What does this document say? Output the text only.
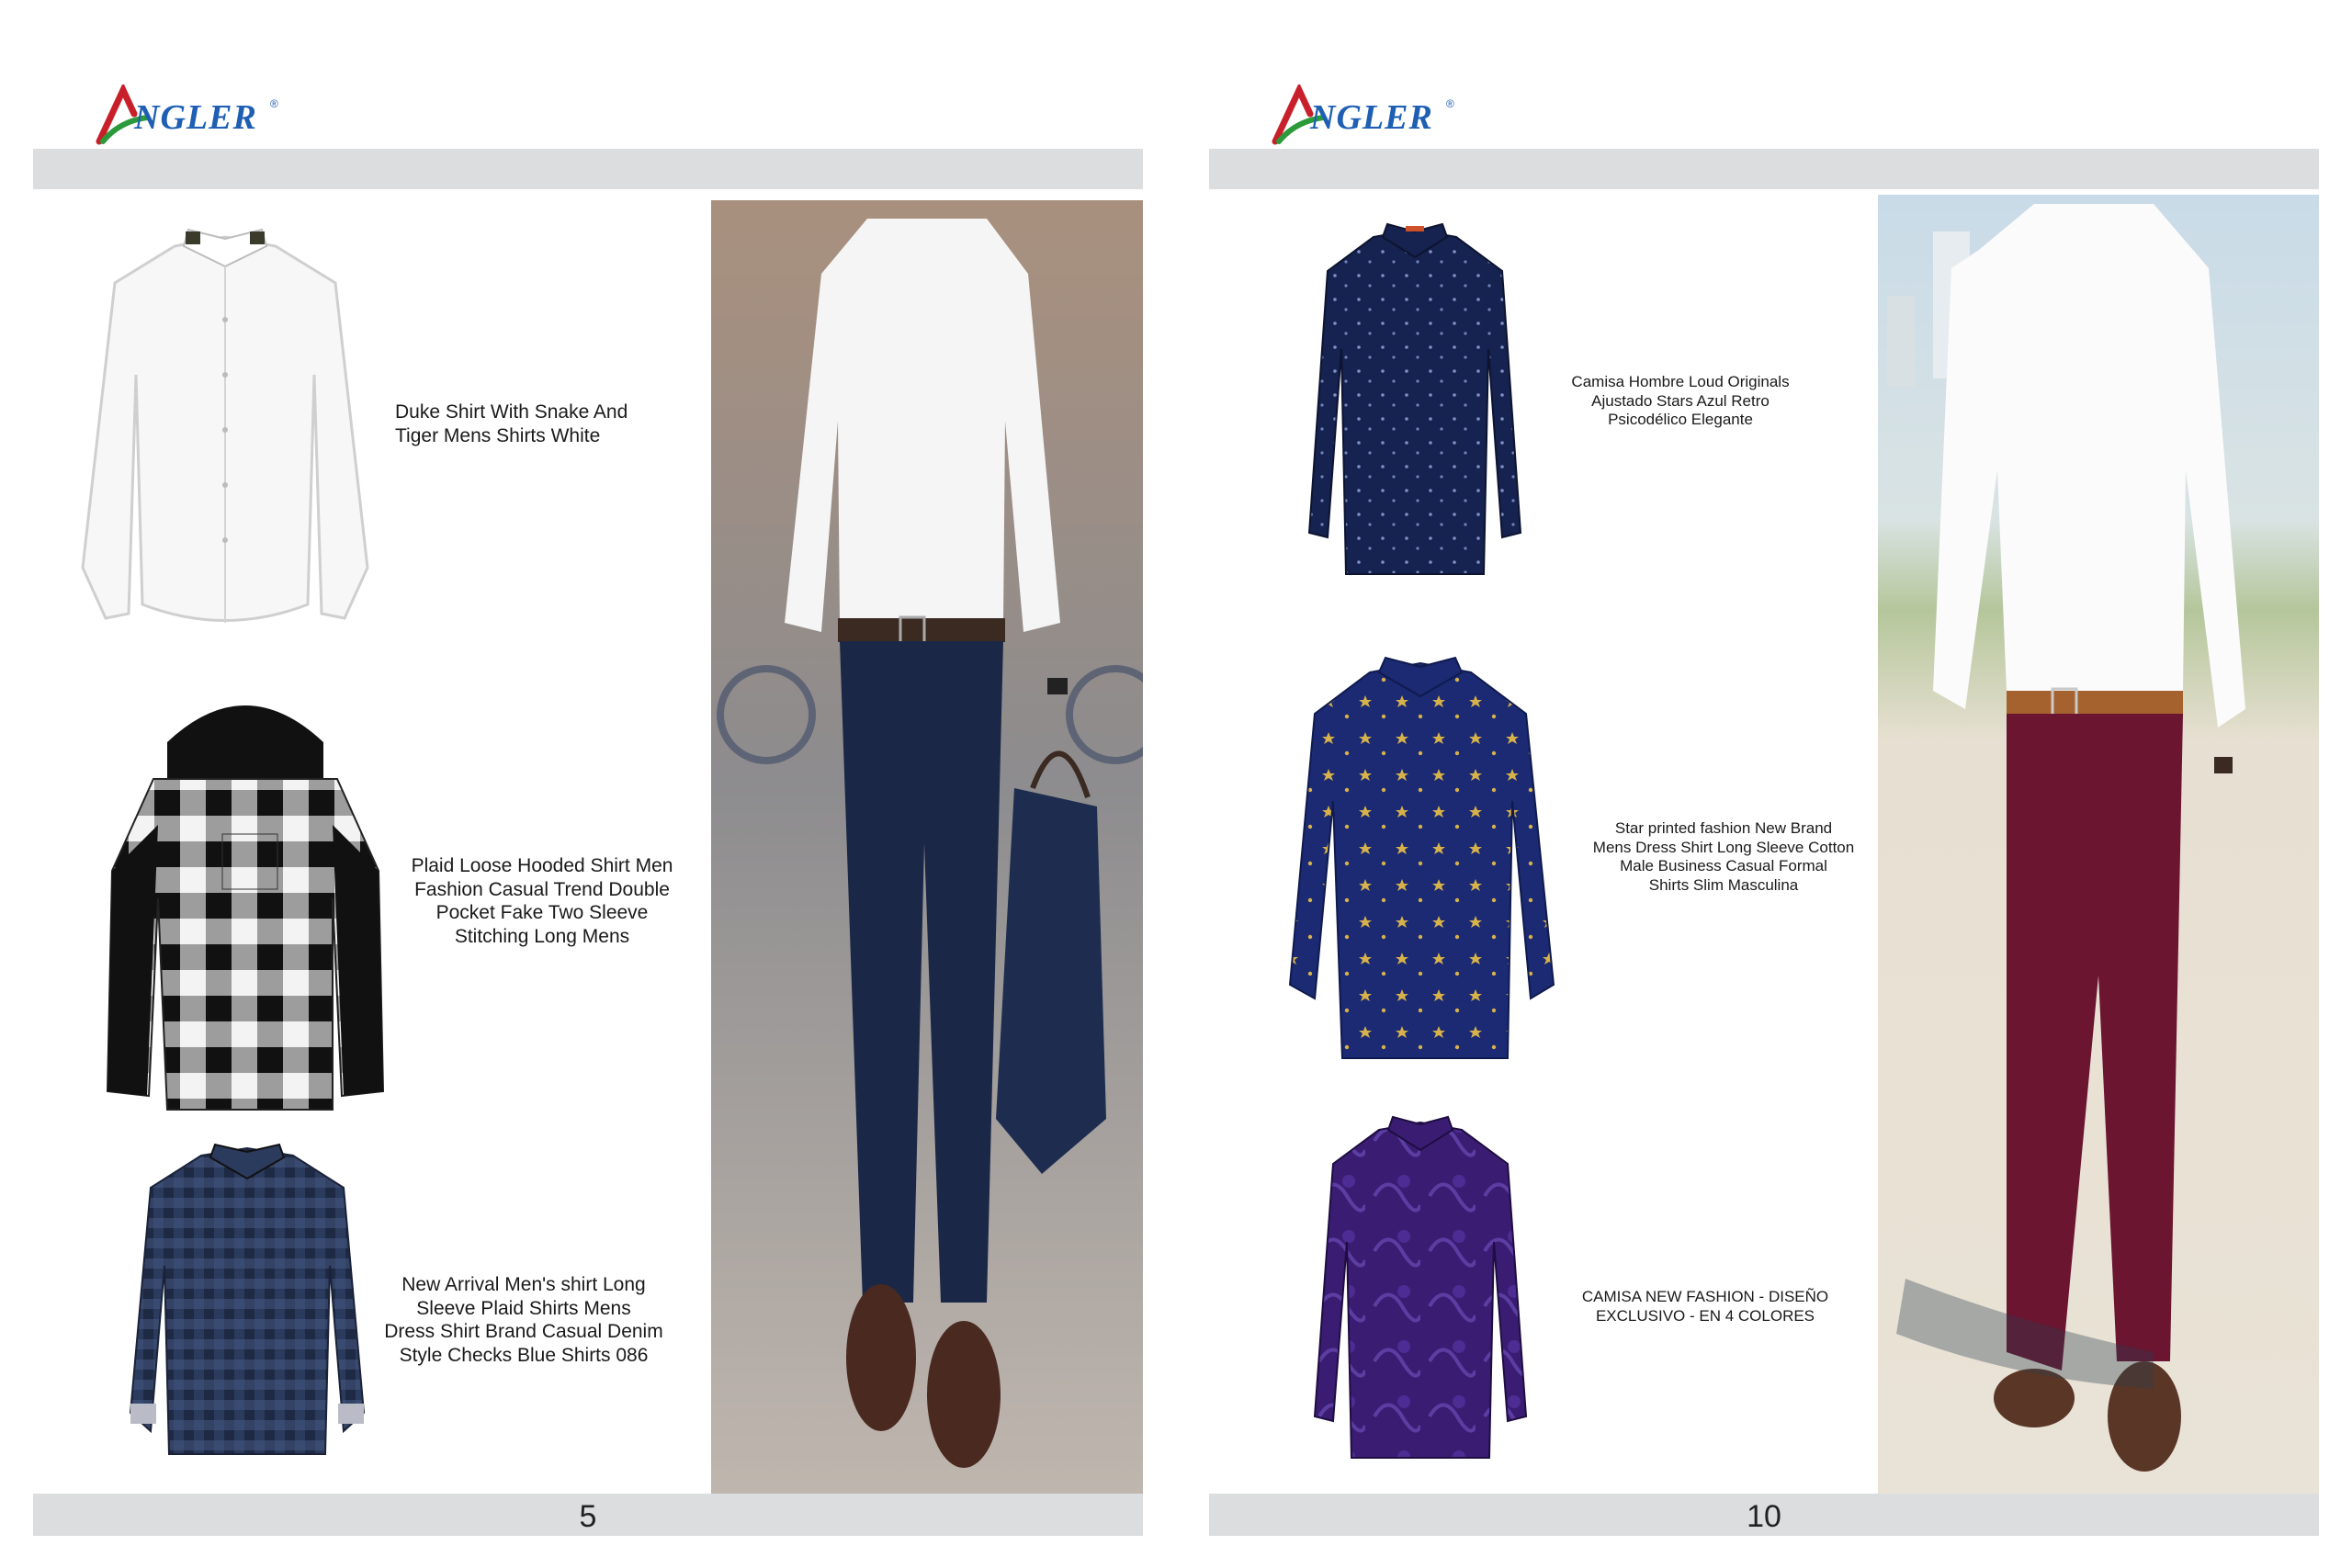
NGLER ®
Duke Shirt With Snake And
Tiger Mens Shirts White
Plaid Loose Hooded Shirt Men
Fashion Casual Trend Double
Pocket Fake Two Sleeve
Stitching Long Mens
New Arrival Men's shirt Long
Sleeve Plaid Shirts Mens
Dress Shirt Brand Casual Denim
Style Checks Blue Shirts 086
5
NGLER ®
Camisa Hombre Loud Originals
Ajustado Stars Azul Retro
Psicodélico Elegante
Star printed fashion New Brand
Mens Dress Shirt Long Sleeve Cotton
Male Business Casual Formal
Shirts Slim Masculina
CAMISA NEW FASHION - DISEÑO
EXCLUSIVO - EN 4 COLORES
10
